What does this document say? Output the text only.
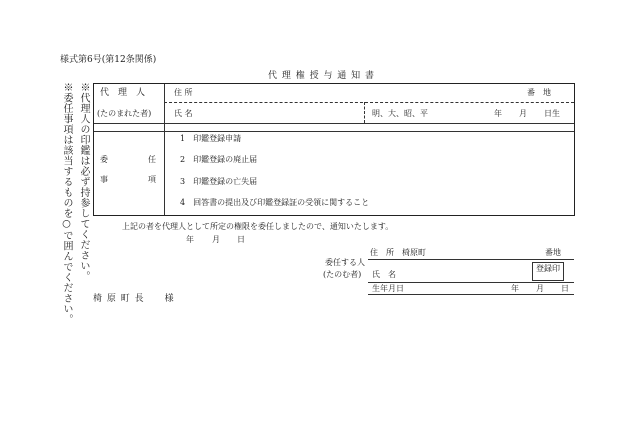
様式第6号(第12条関係)
代 理 権 授 与 通 知 書
※代理人の印鑑は必ず持参してください。
※委任事項は該当するものを○で囲んでください。	代　理　人
(たのまれた者)
住 所	番　地
氏 名	明、大、昭、平	年 月 日生
委	任
事	項
1　印鑑登録申請
2　印鑑登録の廃止届
3　印鑑登録の亡失届
4　回答書の提出及び印鑑登録証の受領に関すること
上記の者を代理人として所定の権限を委任しましたので、通知いたします。
年 月 日
委任する人
(たのむ者)
住　所　椅原町	番地
氏　名
登録印
生年月日	年 月 日
椅 原 町 長　　様
